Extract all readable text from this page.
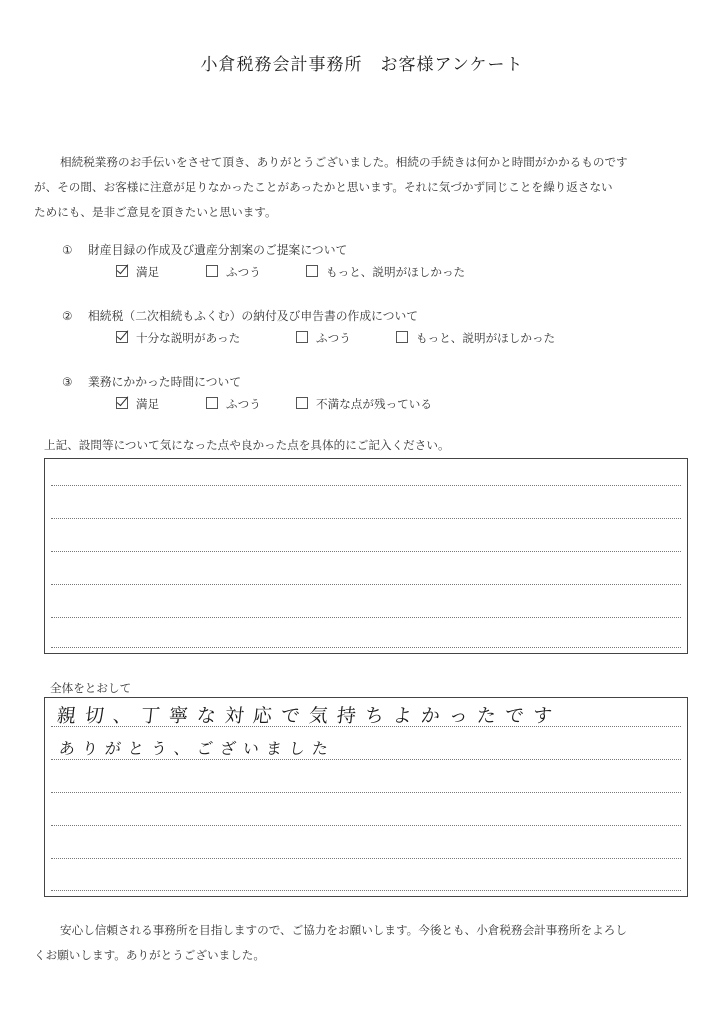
小倉税務会計事務所　お客様アンケート

相続税業務のお手伝いをさせて頂き、ありがとうございました。相続の手続きは何かと時間がかかるものです

が、その間、お客様に注意が足りなかったことがあったかと思います。それに気づかず同じことを繰り返さない

ためにも、是非ご意見を頂きたいと思います。

① 財産目録の作成及び遺産分割案のご提案について
満足	ふつう	もっと、説明がほしかった
② 相続税（二次相続もふくむ）の納付及び申告書の作成について
十分な説明があった	ふつう	もっと、説明がほしかった
③ 業務にかかった時間について
満足	ふつう	不満な点が残っている
上記、設問等について気になった点や良かった点を具体的にご記入ください。
全体をとおして
親切、丁寧な対応で気持ちよかったです
ありがとう、ございました

安心し信頼される事務所を目指しますので、ご協力をお願いします。今後とも、小倉税務会計事務所をよろし

くお願いします。ありがとうございました。
